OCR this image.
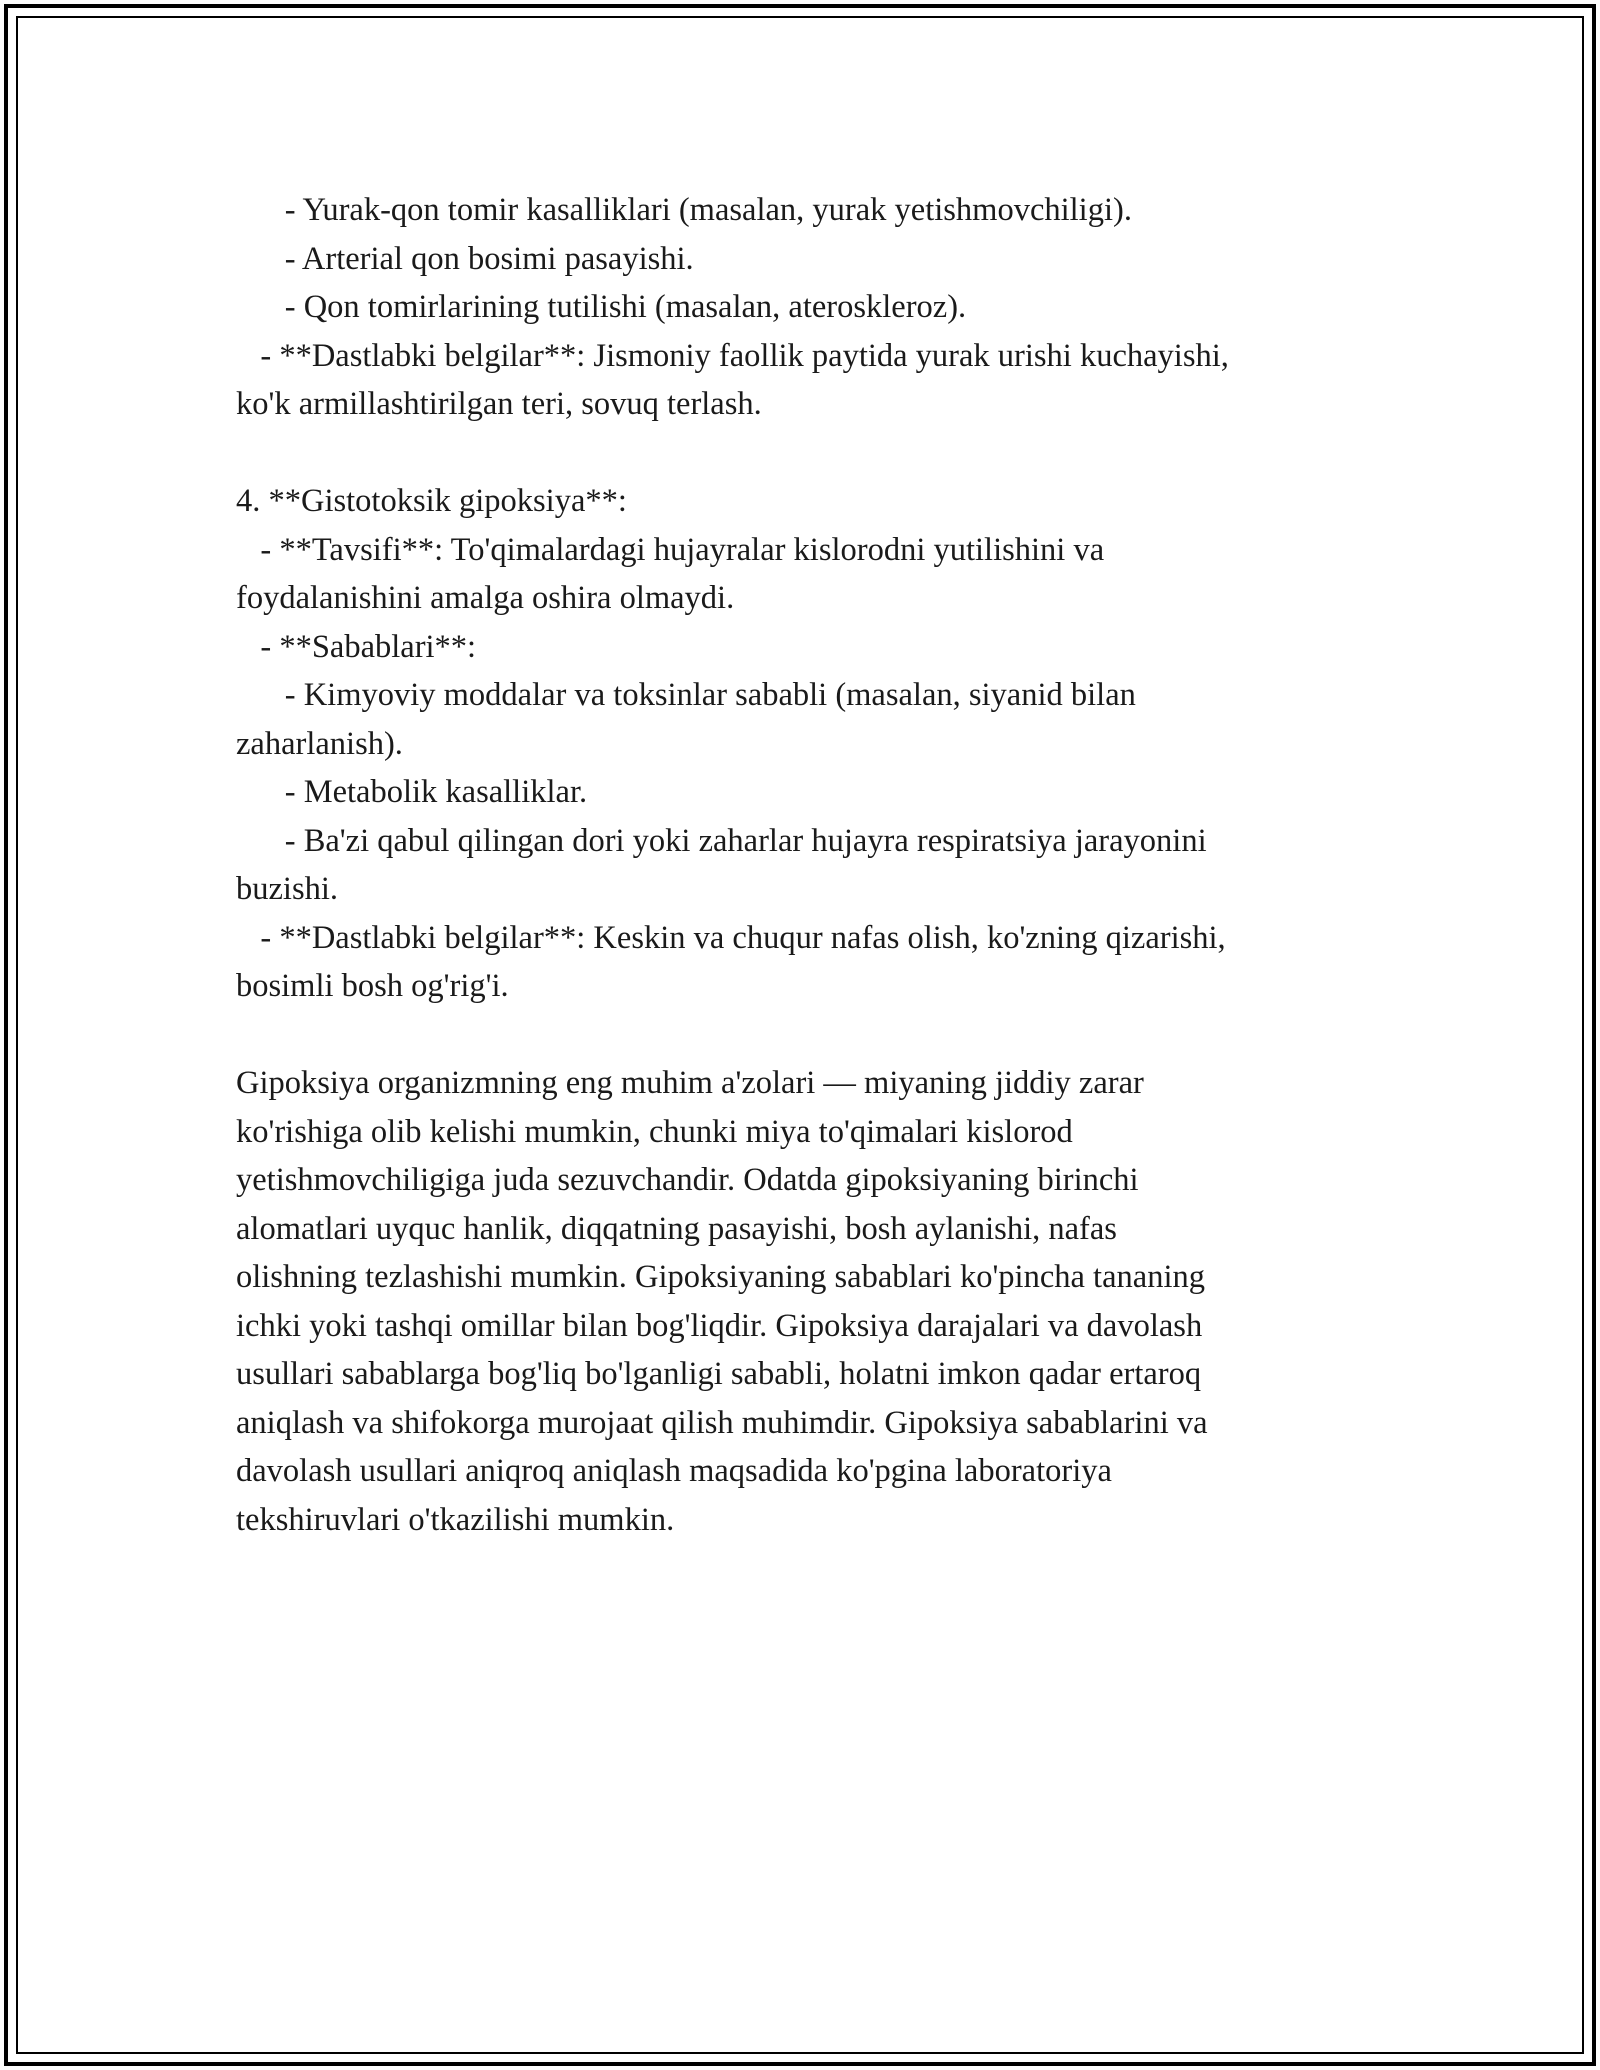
- Yurak-qon tomir kasalliklari (masalan, yurak yetishmovchiligi).
- Arterial qon bosimi pasayishi.
- Qon tomirlarining tutilishi (masalan, ateroskleroz).
- **Dastlabki belgilar**: Jismoniy faollik paytida yurak urishi kuchayishi,
ko'k armillashtirilgan teri, sovuq terlash.
4. **Gistotoksik gipoksiya**:
- **Tavsifi**: To'qimalardagi hujayralar kislorodni yutilishini va
foydalanishini amalga oshira olmaydi.
- **Sabablari**:
- Kimyoviy moddalar va toksinlar sababli (masalan, siyanid bilan
zaharlanish).
- Metabolik kasalliklar.
- Ba'zi qabul qilingan dori yoki zaharlar hujayra respiratsiya jarayonini
buzishi.
- **Dastlabki belgilar**: Keskin va chuqur nafas olish, ko'zning qizarishi,
bosimli bosh og'rig'i.
Gipoksiya organizmning eng muhim a'zolari — miyaning jiddiy zarar
ko'rishiga olib kelishi mumkin, chunki miya to'qimalari kislorod
yetishmovchiligiga juda sezuvchandir. Odatda gipoksiyaning birinchi
alomatlari uyquc hanlik, diqqatning pasayishi, bosh aylanishi, nafas
olishning tezlashishi mumkin. Gipoksiyaning sabablari ko'pincha tananing
ichki yoki tashqi omillar bilan bog'liqdir. Gipoksiya darajalari va davolash
usullari sabablarga bog'liq bo'lganligi sababli, holatni imkon qadar ertaroq
aniqlash va shifokorga murojaat qilish muhimdir. Gipoksiya sabablarini va
davolash usullari aniqroq aniqlash maqsadida ko'pgina laboratoriya
tekshiruvlari o'tkazilishi mumkin.
